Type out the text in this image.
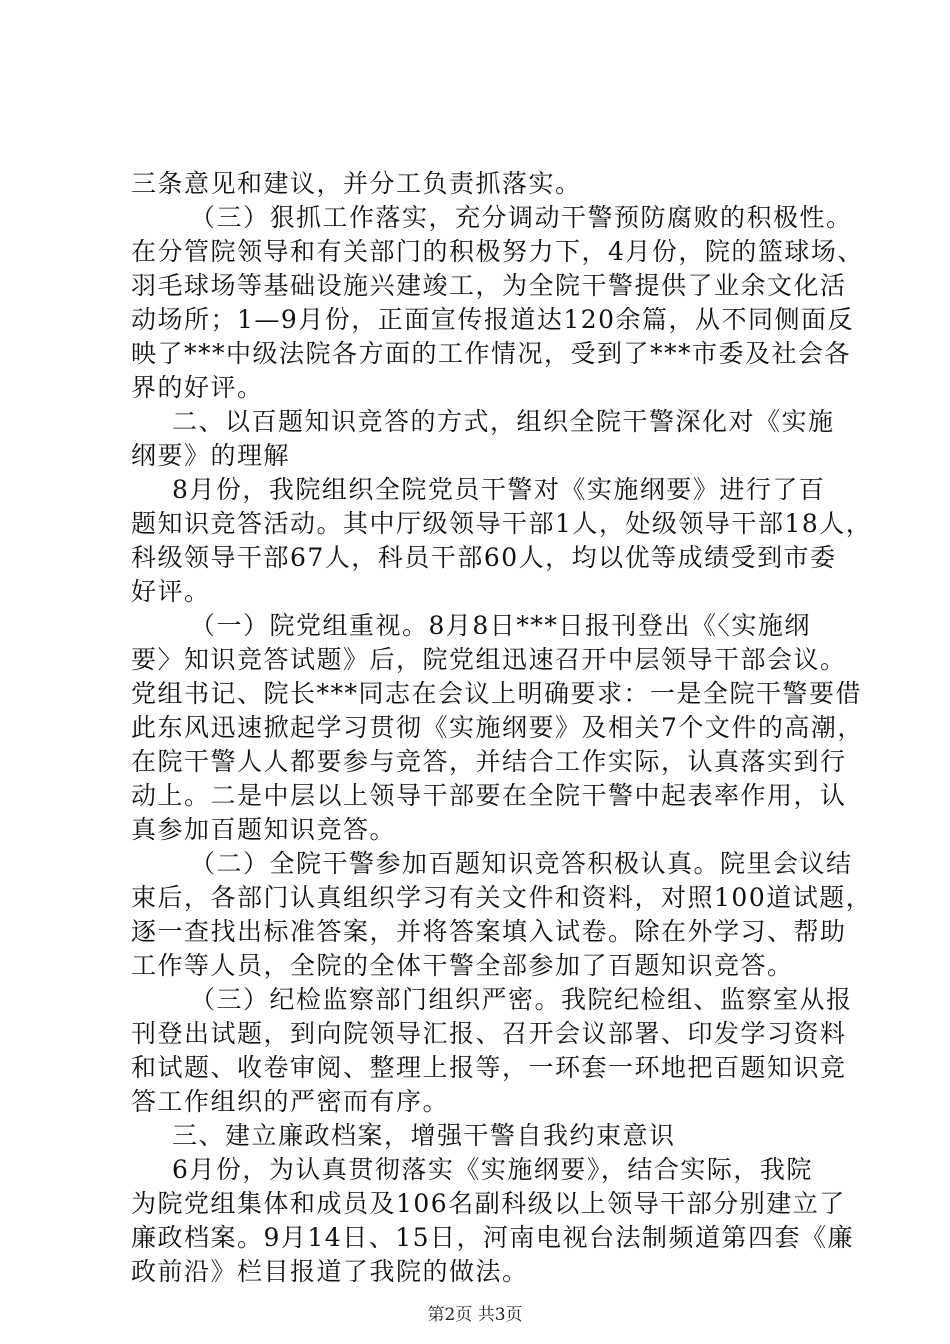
三条意见和建议，并分工负责抓落实。
（三）狠抓工作落实，充分调动干警预防腐败的积极性。
在分管院领导和有关部门的积极努力下，4月份，院的篮球场、
羽毛球场等基础设施兴建竣工，为全院干警提供了业余文化活
动场所；1—9月份，正面宣传报道达120余篇，从不同侧面反
映了***中级法院各方面的工作情况，受到了***市委及社会各
界的好评。
二、以百题知识竞答的方式，组织全院干警深化对《实施
纲要》的理解
8月份，我院组织全院党员干警对《实施纲要》进行了百
题知识竞答活动。其中厅级领导干部1人，处级领导干部18人，
科级领导干部67人，科员干部60人，均以优等成绩受到市委
好评。
（一）院党组重视。8月8日***日报刊登出《〈实施纲
要〉知识竞答试题》后，院党组迅速召开中层领导干部会议。
党组书记、院长***同志在会议上明确要求：一是全院干警要借
此东风迅速掀起学习贯彻《实施纲要》及相关7个文件的高潮，
在院干警人人都要参与竞答，并结合工作实际，认真落实到行
动上。二是中层以上领导干部要在全院干警中起表率作用，认
真参加百题知识竞答。
（二）全院干警参加百题知识竞答积极认真。院里会议结
束后，各部门认真组织学习有关文件和资料，对照100道试题，
逐一查找出标准答案，并将答案填入试卷。除在外学习、帮助
工作等人员，全院的全体干警全部参加了百题知识竞答。
（三）纪检监察部门组织严密。我院纪检组、监察室从报
刊登出试题，到向院领导汇报、召开会议部署、印发学习资料
和试题、收卷审阅、整理上报等，一环套一环地把百题知识竞
答工作组织的严密而有序。
三、建立廉政档案，增强干警自我约束意识
6月份，为认真贯彻落实《实施纲要》，结合实际，我院
为院党组集体和成员及106名副科级以上领导干部分别建立了
廉政档案。9月14日、15日，河南电视台法制频道第四套《廉
政前沿》栏目报道了我院的做法。
第2页 共3页
